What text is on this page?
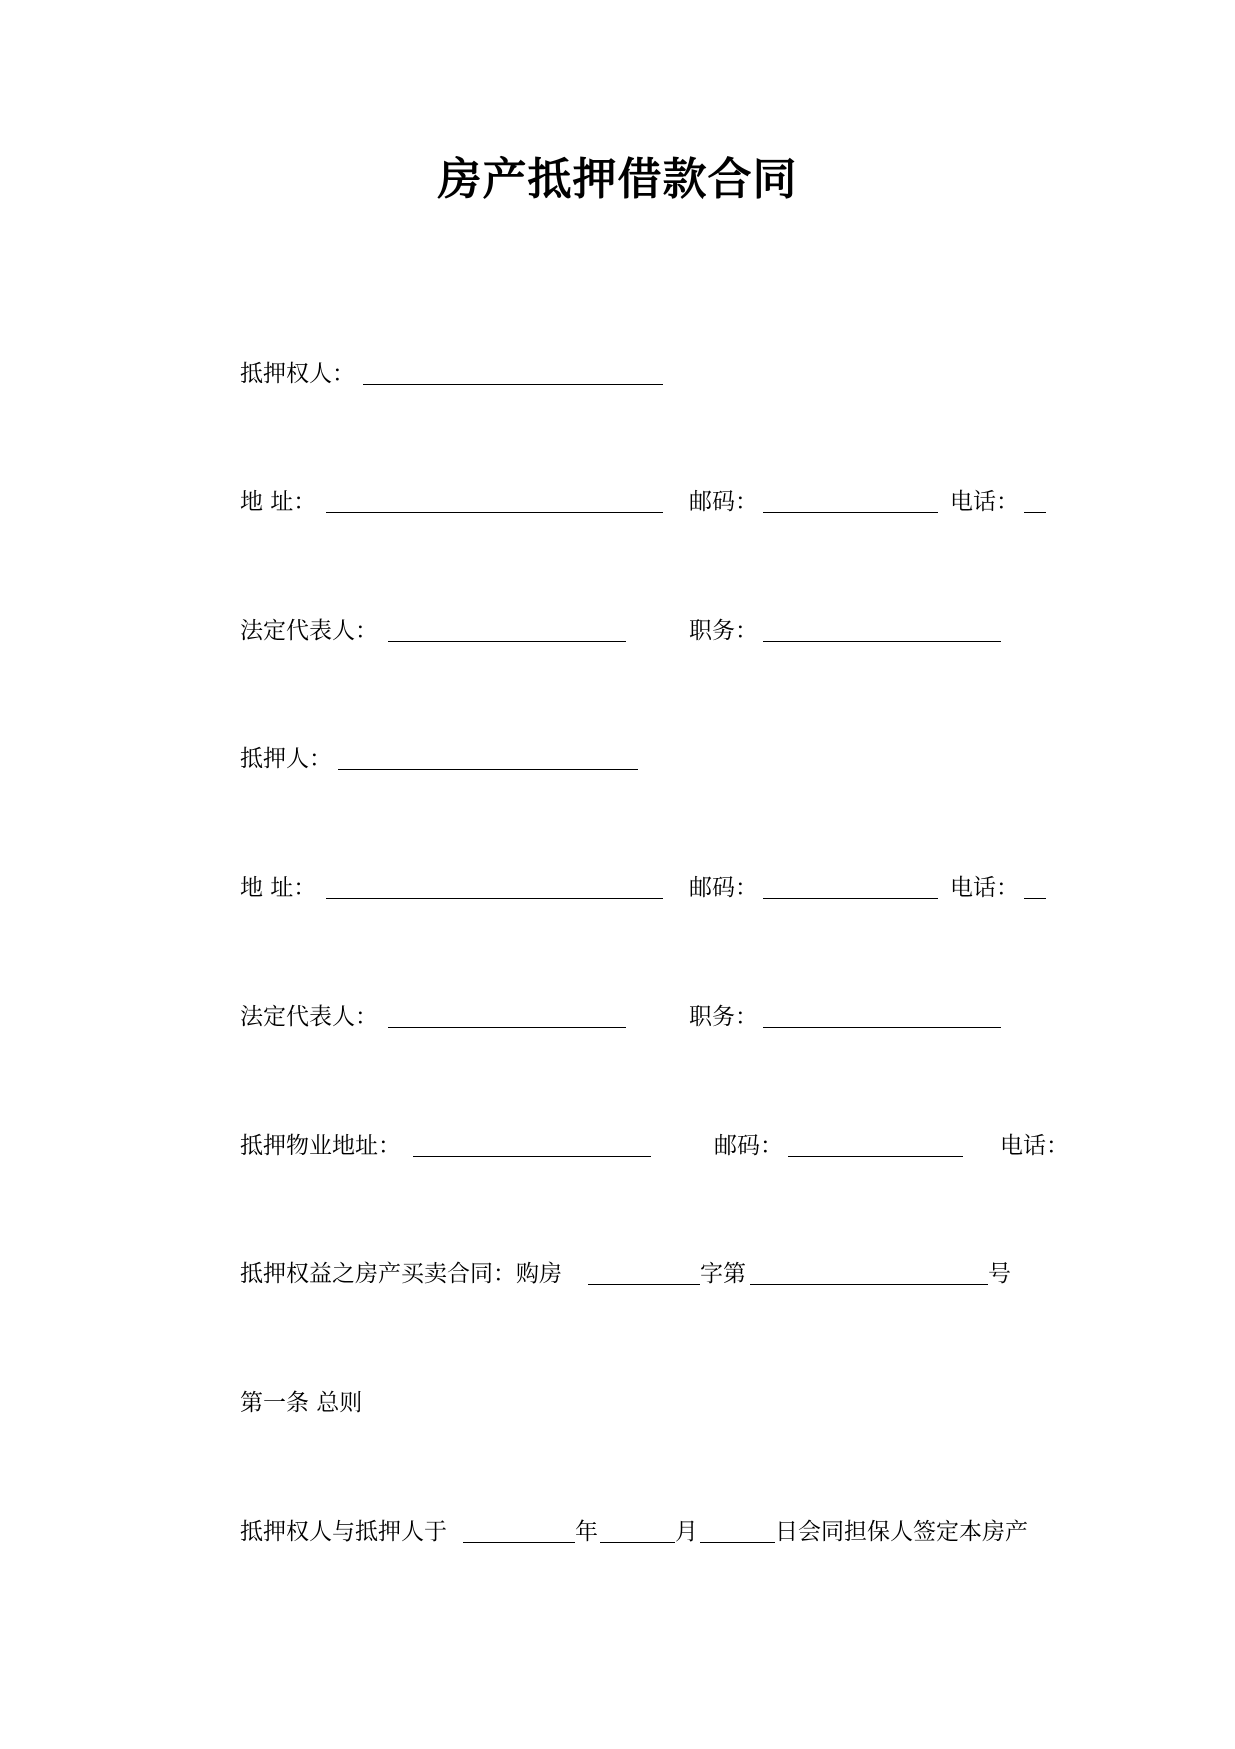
房产抵押借款合同
抵押权人：
地 址：	邮码：	电话：
法定代表人：	职务：
抵押人：
地 址：	邮码：	电话：
法定代表人：	职务：
抵押物业地址：	邮码：	电话：
抵押权益之房产买卖合同：购房	字第	号
第一条 总则
抵押权人与抵押人于	年	月	日会同担保人签定本房产
